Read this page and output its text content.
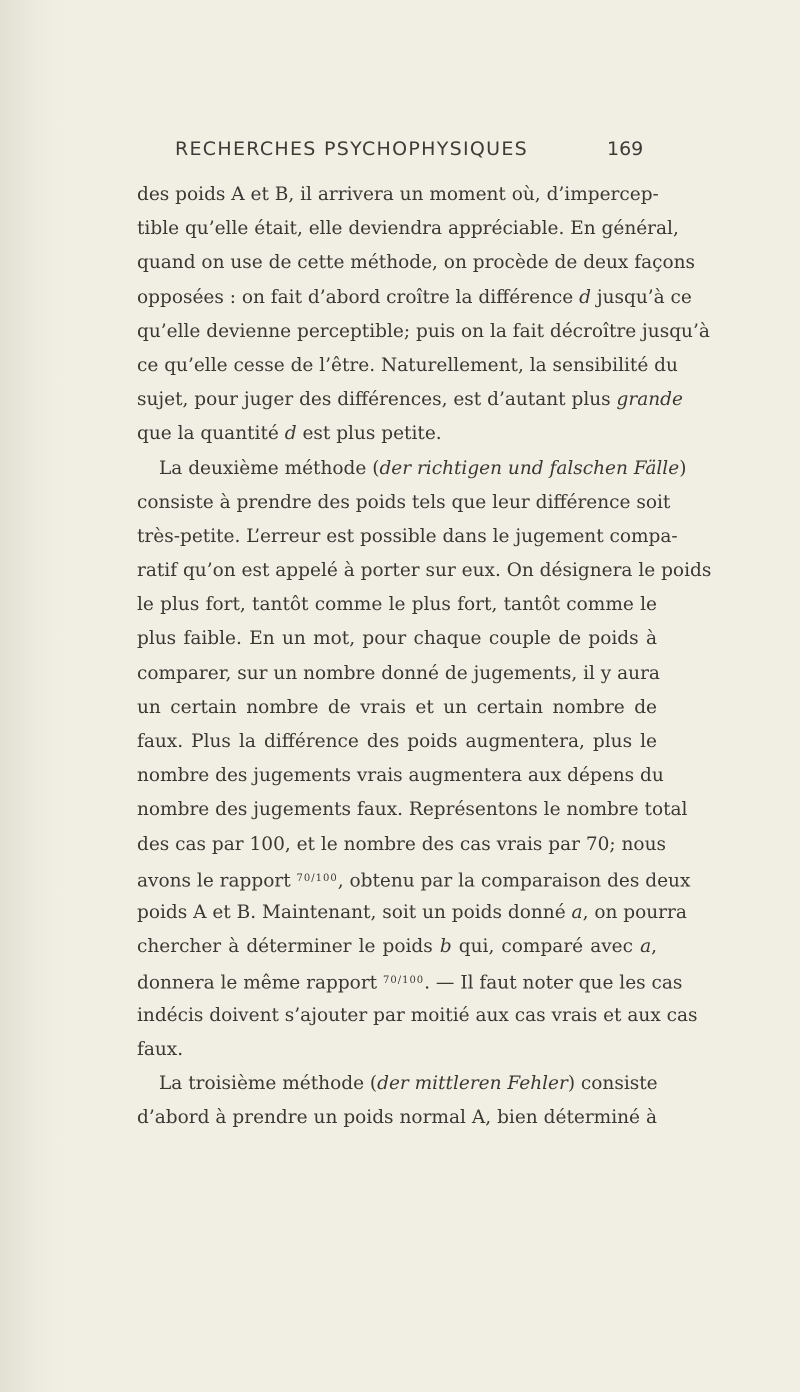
RECHERCHES PSYCHOPHYSIQUES	169
des poids A et B, il arrivera un moment où, d’impercep-
tible qu’elle était, elle deviendra appréciable. En général,
quand on use de cette méthode, on procède de deux façons
opposées : on fait d’abord croître la différence d jusqu’à ce
qu’elle devienne perceptible; puis on la fait décroître jusqu’à
ce qu’elle cesse de l’être. Naturellement, la sensibilité du
sujet, pour juger des différences, est d’autant plus grande
que la quantité d est plus petite.
La deuxième méthode (der richtigen und falschen Fälle)
consiste à prendre des poids tels que leur différence soit
très-petite. L’erreur est possible dans le jugement compa-
ratif qu’on est appelé à porter sur eux. On désignera le poids
le plus fort, tantôt comme le plus fort, tantôt comme le
plus faible. En un mot, pour chaque couple de poids à
comparer, sur un nombre donné de jugements, il y aura
un certain nombre de vrais et un certain nombre de
faux. Plus la différence des poids augmentera, plus le
nombre des jugements vrais augmentera aux dépens du
nombre des jugements faux. Représentons le nombre total
des cas par 100, et le nombre des cas vrais par 70; nous
avons le rapport $^{70/100}$, obtenu par la comparaison des deux
poids A et B. Maintenant, soit un poids donné a, on pourra
chercher à déterminer le poids b qui, comparé avec a,
donnera le même rapport $^{70/100}$. — Il faut noter que les cas
indécis doivent s’ajouter par moitié aux cas vrais et aux cas
faux.
La troisième méthode (der mittleren Fehler) consiste
d’abord à prendre un poids normal A, bien déterminé à
